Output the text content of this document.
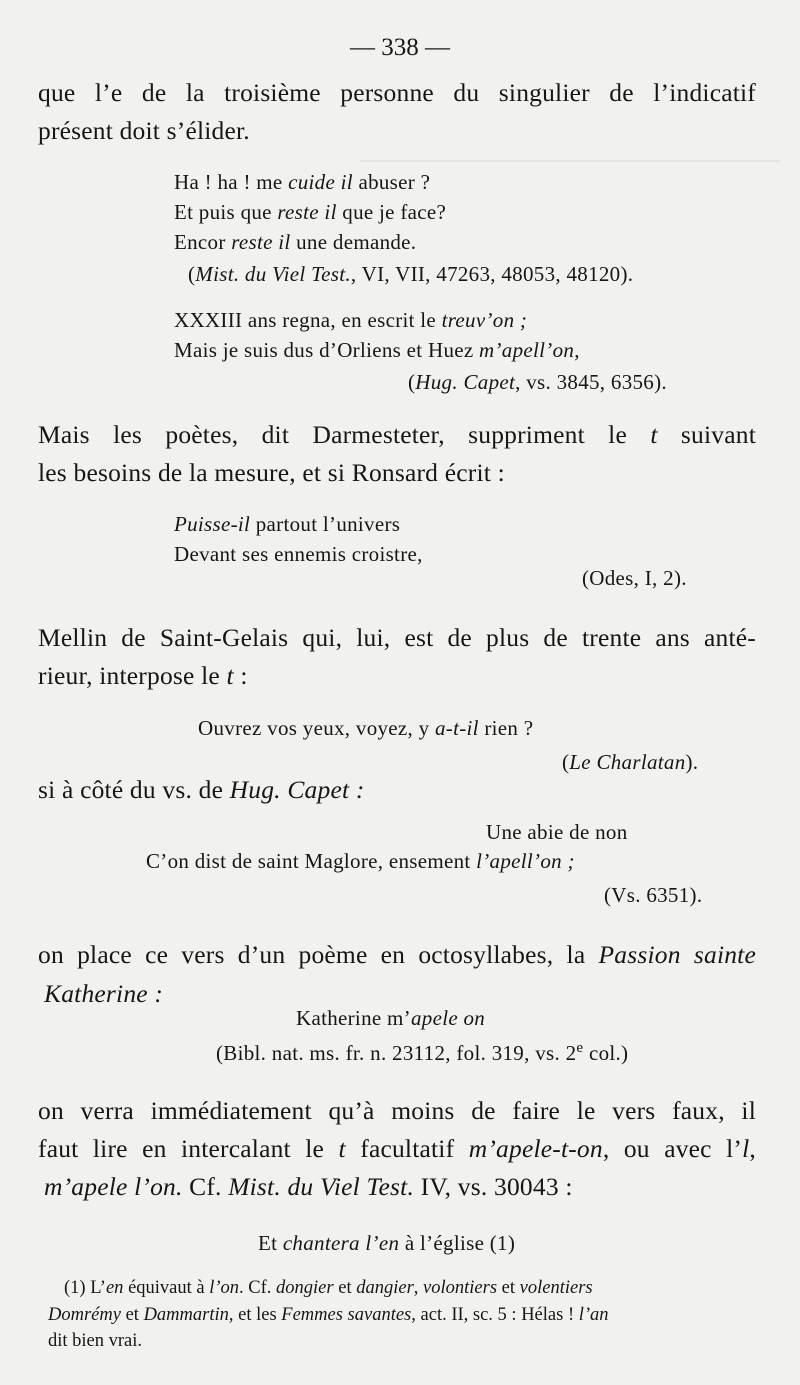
— 338 —
que l’e de la troisième personne du singulier de l’indicatif
présent doit s’élider.
Ha ! ha ! me cuide il abuser ?
Et puis que reste il que je face?
Encor reste il une demande.
(Mist. du Viel Test., VI, VII, 47263, 48053, 48120).
XXXIII ans regna, en escrit le treuv’on ;
Mais je suis dus d’Orliens et Huez m’apell’on,
(Hug. Capet, vs. 3845, 6356).
Mais les poètes, dit Darmesteter, suppriment le t suivant
les besoins de la mesure, et si Ronsard écrit :
Puisse-il partout l’univers
Devant ses ennemis croistre,
(Odes, I, 2).
Mellin de Saint-Gelais qui, lui, est de plus de trente ans anté-
rieur, interpose le t :
Ouvrez vos yeux, voyez, y a-t-il rien ?
(Le Charlatan).
si à côté du vs. de Hug. Capet :
Une abie de non
C’on dist de saint Maglore, ensement l’apell’on ;
(Vs. 6351).
on place ce vers d’un poème en octosyllabes, la Passion sainte
Katherine :
Katherine m’apele on
(Bibl. nat. ms. fr. n. 23112, fol. 319, vs. 2e col.)
on verra immédiatement qu’à moins de faire le vers faux, il
faut lire en intercalant le t facultatif m’apele-t-on, ou avec l’l,
m’apele l’on. Cf. Mist. du Viel Test. IV, vs. 30043 :
Et chantera l’en à l’église (1)
(1) L’en équivaut à l’on. Cf. dongier et dangier, volontiers et volentiers
Domrémy et Dammartin, et les Femmes savantes, act. II, sc. 5 : Hélas ! l’an
dit bien vrai.
